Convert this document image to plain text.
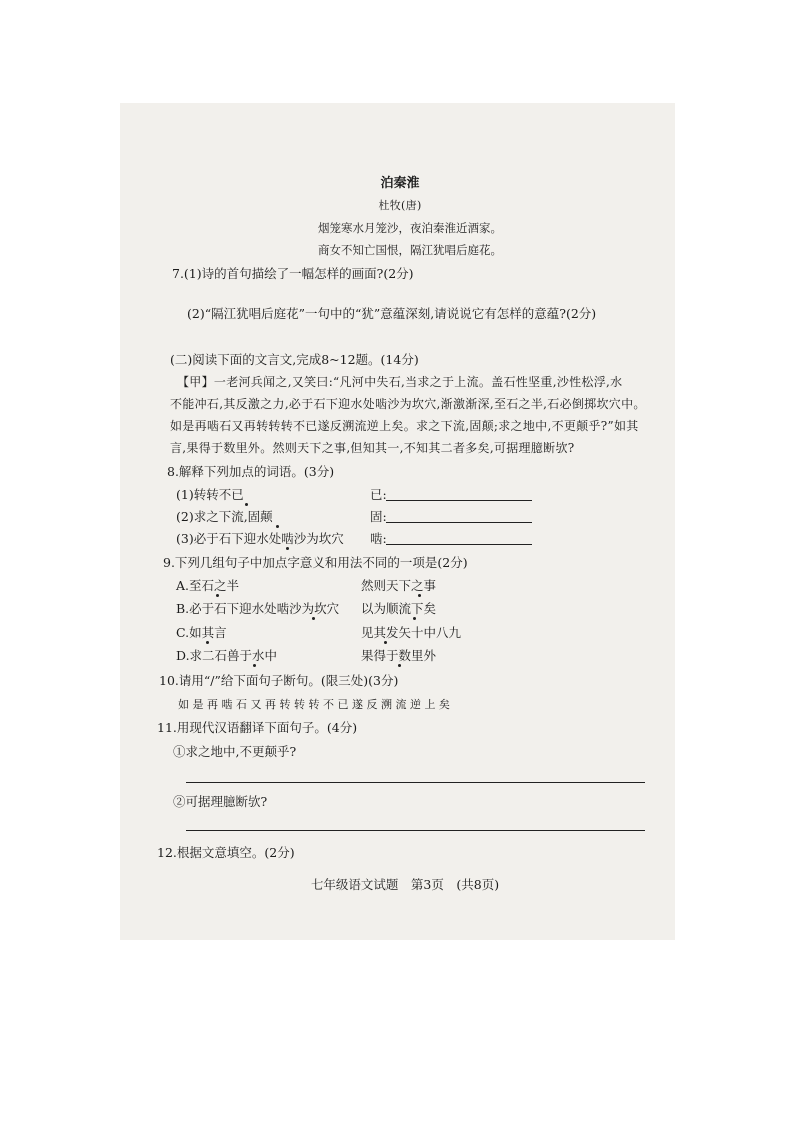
泊秦淮
杜牧(唐)
烟笼寒水月笼沙，夜泊秦淮近酒家。
商女不知亡国恨，隔江犹唱后庭花。
7.(1)诗的首句描绘了一幅怎样的画面?(2分)
(2)“隔江犹唱后庭花”一句中的“犹”意蕴深刻,请说说它有怎样的意蕴?(2分)
(二)阅读下面的文言文,完成8~12题。(14分)
【甲】一老河兵闻之,又笑曰:“凡河中失石,当求之于上流。盖石性坚重,沙性松浮,水
不能冲石,其反激之力,必于石下迎水处啮沙为坎穴,渐激渐深,至石之半,石必倒掷坎穴中。
如是再啮石又再转转转不已遂反溯流逆上矣。求之下流,固颠;求之地中,不更颠乎?”如其
言,果得于数里外。然则天下之事,但知其一,不知其二者多矣,可据理臆断欤?
8.解释下列加点的词语。(3分)
(1)转转不已	已:
(2)求之下流,固颠	固:
(3)必于石下迎水处啮沙为坎穴 啮:
9.下列几组句子中加点字意义和用法不同的一项是(2分)
A.至石之半	然则天下之事
B.必于石下迎水处啮沙为坎穴 以为顺流下矣
C.如其言	见其发矢十中八九
D.求二石兽于水中	果得于数里外
10.请用“/”给下面句子断句。(限三处)(3分)
如 是 再 啮 石 又 再 转 转 转 不 已 遂 反 溯 流 逆 上 矣
11.用现代汉语翻译下面句子。(4分)
①求之地中,不更颠乎?
②可据理臆断欤?
12.根据文意填空。(2分)
七年级语文试题　第3页　(共8页)
